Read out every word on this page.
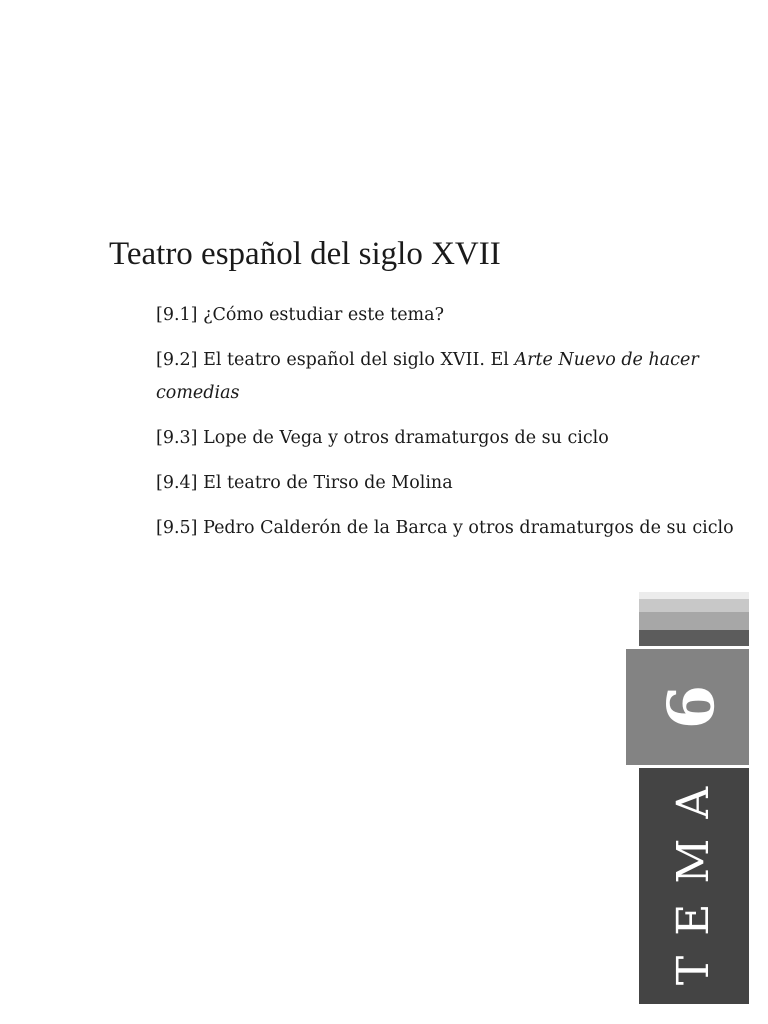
Teatro español del siglo XVII
[9.1] ¿Cómo estudiar este tema?
[9.2] El teatro español del siglo XVII. El Arte Nuevo de hacer
comedias
[9.3] Lope de Vega y otros dramaturgos de su ciclo
[9.4] El teatro de Tirso de Molina
[9.5] Pedro Calderón de la Barca y otros dramaturgos de su ciclo
9
TEMA
